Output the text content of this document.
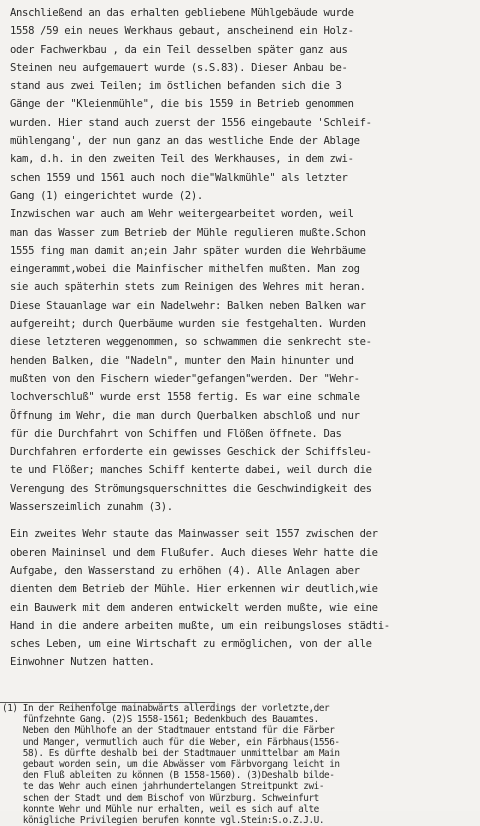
Anschließend an das erhalten gebliebene Mühlgebäude wurde
1558 /59 ein neues Werkhaus gebaut, anscheinend ein Holz-
oder Fachwerkbau , da ein Teil desselben später ganz aus
Steinen neu aufgemauert wurde (s.S.83). Dieser Anbau be-
stand aus zwei Teilen; im östlichen befanden sich die 3
Gänge der "Kleienmühle", die bis 1559 in Betrieb genommen
wurden. Hier stand auch zuerst der 1556 eingebaute 'Schleif-
mühlengang', der nun ganz an das westliche Ende der Ablage
kam, d.h. in den zweiten Teil des Werkhauses, in dem zwi-
schen 1559 und 1561 auch noch die"Walkmühle" als letzter
Gang (1) eingerichtet wurde (2).

Inzwischen war auch am Wehr weitergearbeitet worden, weil
man das Wasser zum Betrieb der Mühle regulieren mußte.Schon
1555 fing man damit an;ein Jahr später wurden die Wehrbäume
eingerammt,wobei die Mainfischer mithelfen mußten. Man zog
sie auch späterhin stets zum Reinigen des Wehres mit heran.
Diese Stauanlage war ein Nadelwehr: Balken neben Balken war
aufgereiht; durch Querbäume wurden sie festgehalten. Wurden
diese letzteren weggenommen, so schwammen die senkrecht ste-
henden Balken, die "Nadeln", munter den Main hinunter und
mußten von den Fischern wieder"gefangen"werden. Der "Wehr-
lochverschluß" wurde erst 1558 fertig. Es war eine schmale
Öffnung im Wehr, die man durch Querbalken abschloß und nur
für die Durchfahrt von Schiffen und Flößen öffnete. Das
Durchfahren erforderte ein gewisses Geschick der Schiffsleu-
te und Flößer; manches Schiff kenterte dabei, weil durch die
Verengung des Strömungsquerschnittes die Geschwindigkeit des
Wasserszeimlich zunahm (3).

Ein zweites Wehr staute das Mainwasser seit 1557 zwischen der
oberen Maininsel und dem Flußufer. Auch dieses Wehr hatte die
Aufgabe, den Wasserstand zu erhöhen (4). Alle Anlagen aber
dienten dem Betrieb der Mühle. Hier erkennen wir deutlich,wie
ein Bauwerk mit dem anderen entwickelt werden mußte, wie eine
Hand in die andere arbeiten mußte, um ein reibungsloses städti-
sches Leben, um eine Wirtschaft zu ermöglichen, von der alle
Einwohner Nutzen hatten.

(1) In der Reihenfolge mainabwärts allerdings der vorletzte,der
fünfzehnte Gang. (2)S 1558-1561; Bedenkbuch des Bauamtes.
Neben den Mühlhofe an der Stadtmauer entstand für die Färber
und Manger, vermutlich auch für die Weber, ein Färbhaus(1556-
58). Es dürfte deshalb bei der Stadtmauer unmittelbar am Main
gebaut worden sein, um die Abwässer vom Färbvorgang leicht in
den Fluß ableiten zu können (B 1558-1560). (3)Deshalb bilde-
te das Wehr auch einen jahrhundertelangen Streitpunkt zwi-
schen der Stadt und dem Bischof von Würzburg. Schweinfurt
konnte Wehr und Mühle nur erhalten, weil es sich auf alte
königliche Privilegien berufen konnte vgl.Stein:S.o.Z.J.U.
